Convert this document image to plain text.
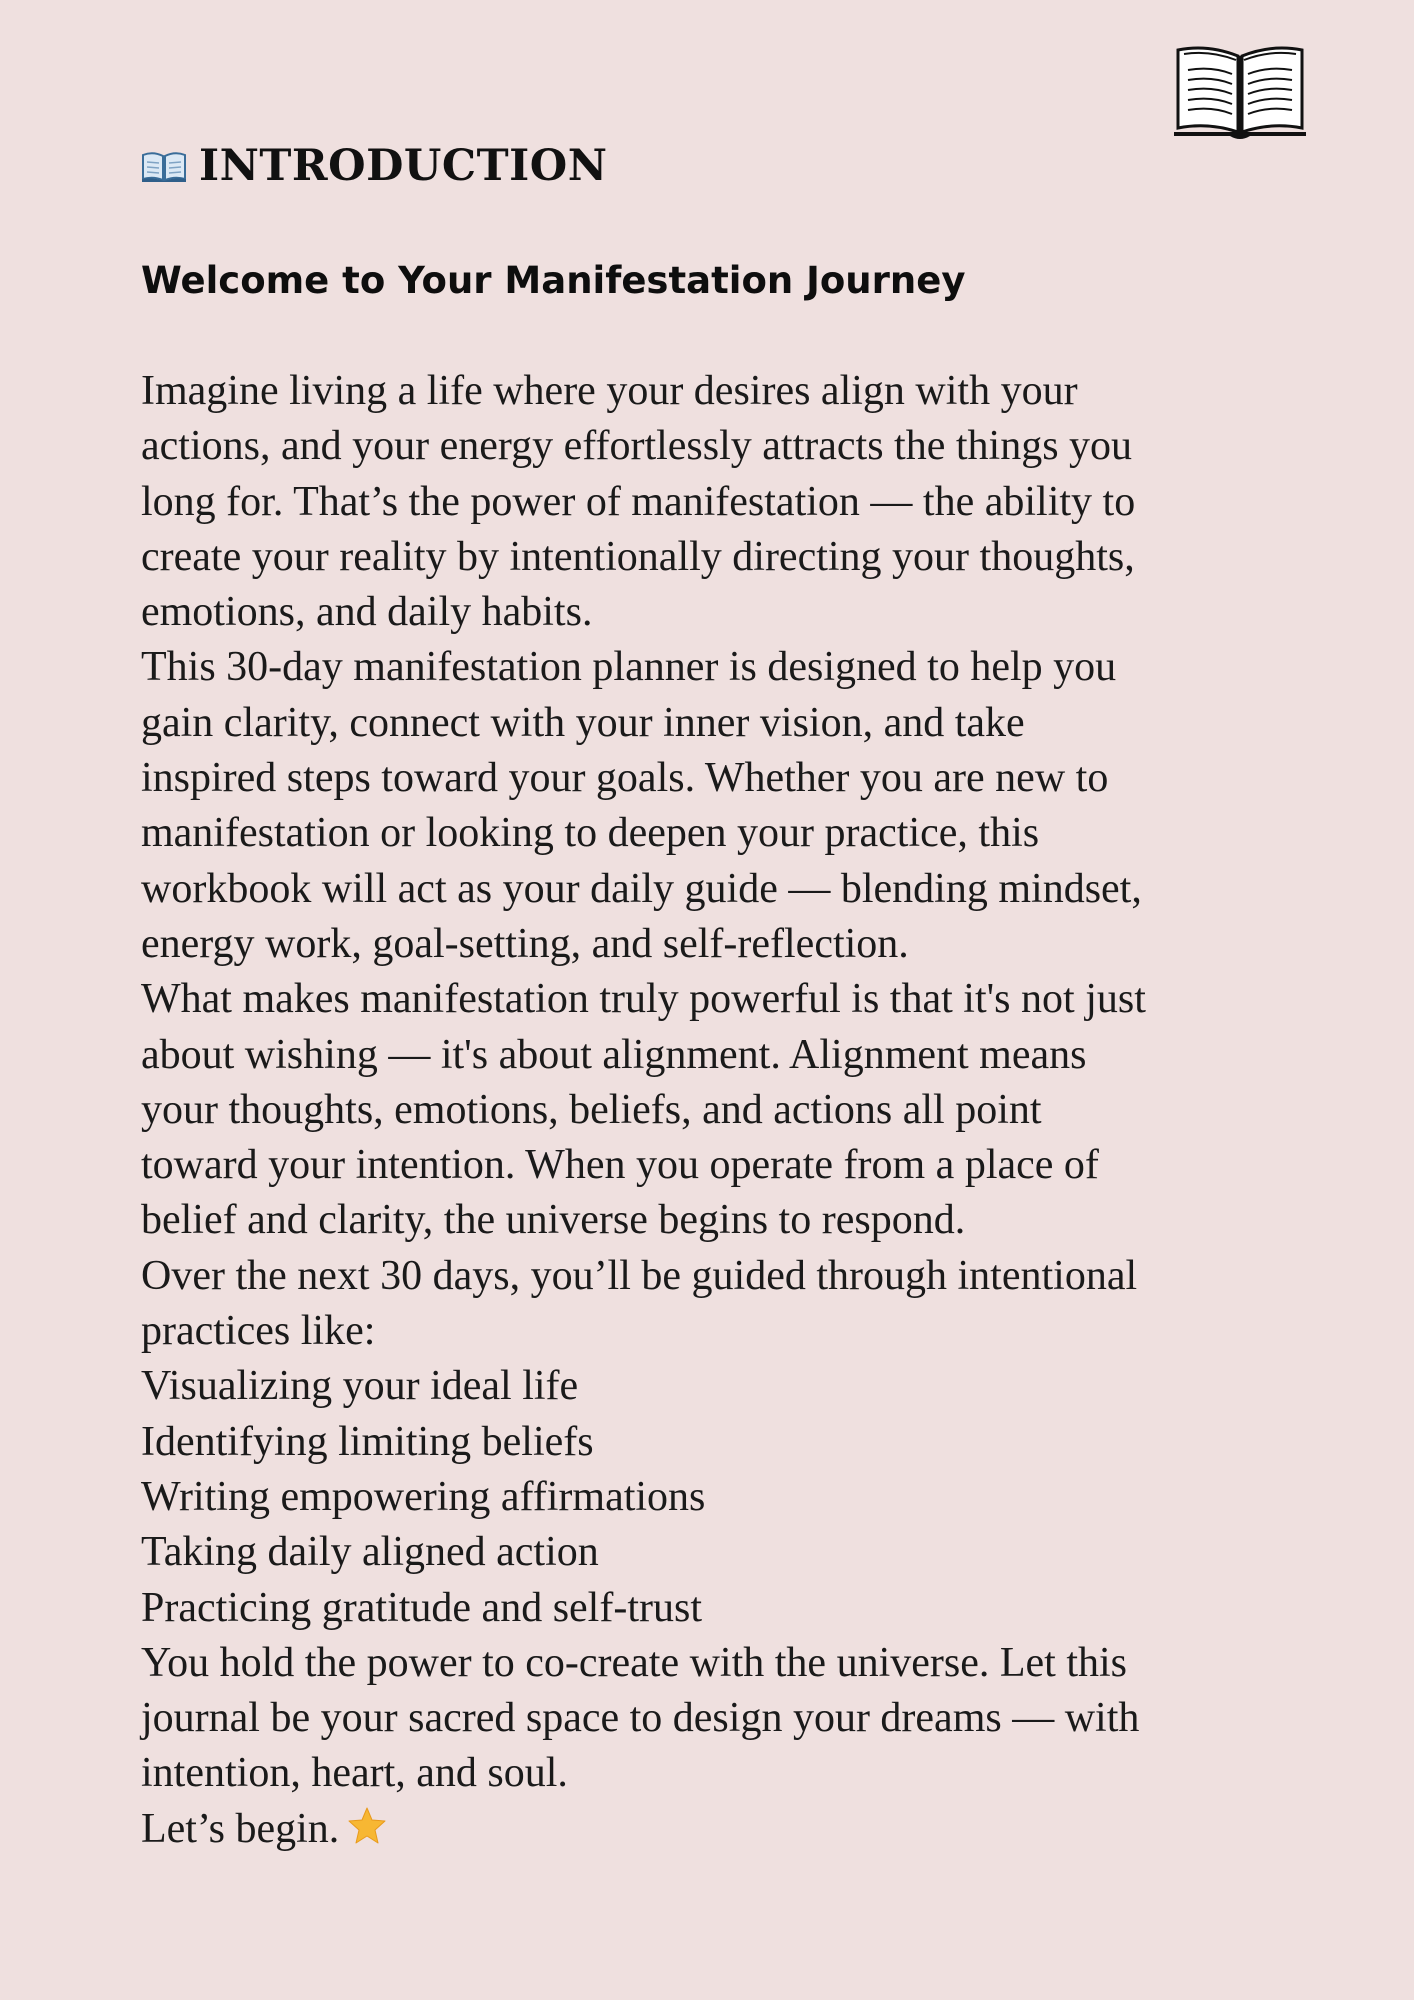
INTRODUCTION
Welcome to Your Manifestation Journey
Imagine living a life where your desires align with your
actions, and your energy effortlessly attracts the things you
long for. That’s the power of manifestation — the ability to
create your reality by intentionally directing your thoughts,
emotions, and daily habits.
This 30-day manifestation planner is designed to help you
gain clarity, connect with your inner vision, and take
inspired steps toward your goals. Whether you are new to
manifestation or looking to deepen your practice, this
workbook will act as your daily guide — blending mindset,
energy work, goal-setting, and self-reflection.
What makes manifestation truly powerful is that it's not just
about wishing — it's about alignment. Alignment means
your thoughts, emotions, beliefs, and actions all point
toward your intention. When you operate from a place of
belief and clarity, the universe begins to respond.
Over the next 30 days, you’ll be guided through intentional
practices like:
Visualizing your ideal life
Identifying limiting beliefs
Writing empowering affirmations
Taking daily aligned action
Practicing gratitude and self-trust
You hold the power to co-create with the universe. Let this
journal be your sacred space to design your dreams — with
intention, heart, and soul.
Let’s begin.
